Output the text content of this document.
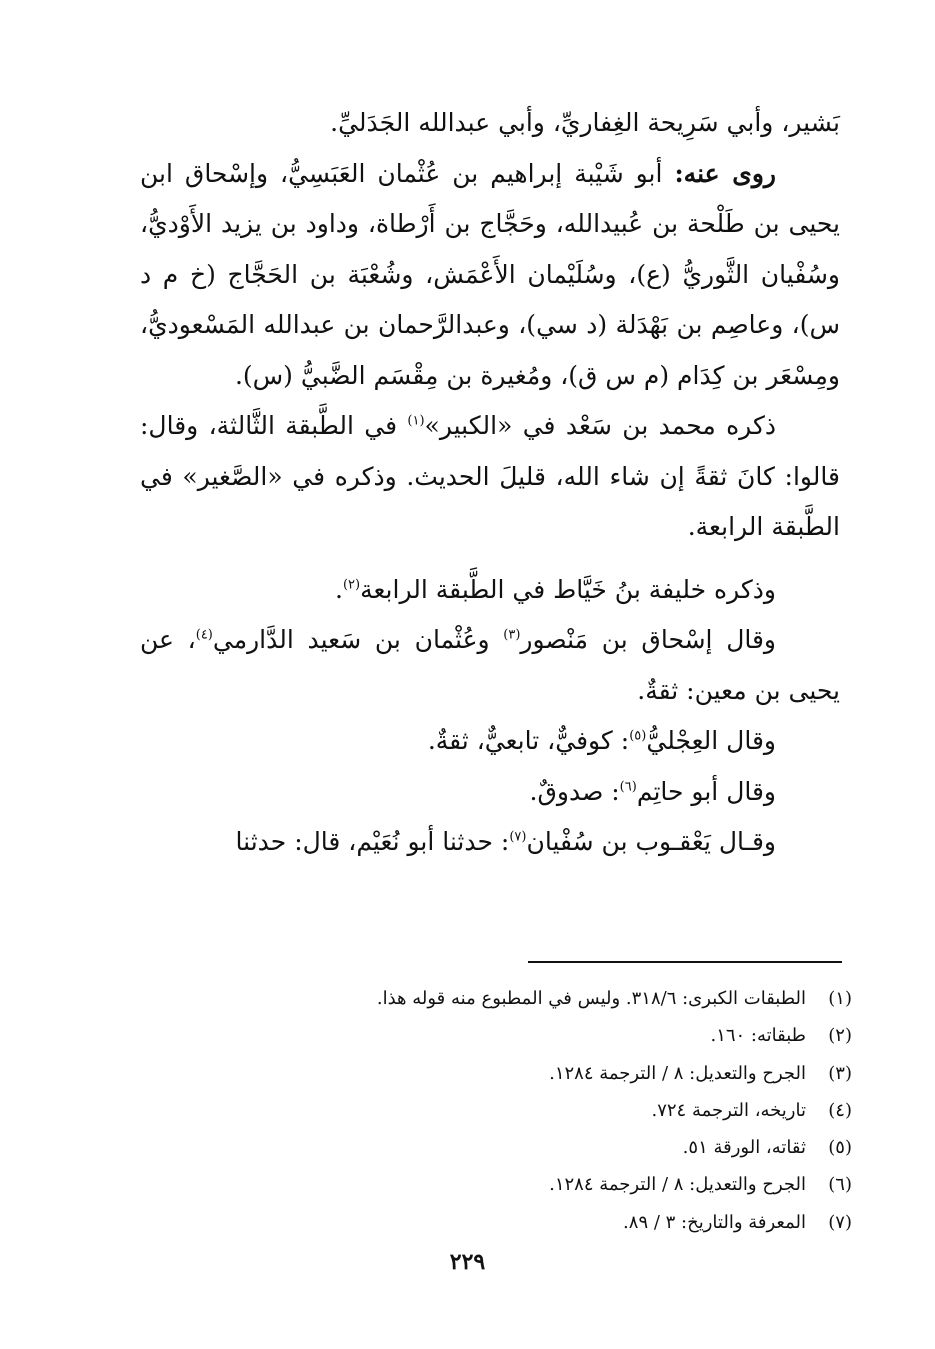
بَشير، وأبي سَرِيحة الغِفاريِّ، وأبي عبدالله الجَدَليِّ.

روى عنه: أبو شَيْبة إبراهيم بن عُثْمان العَبَسِيُّ، وإسْحاق ابن يحيى بن طَلْحة بن عُبيدالله، وحَجَّاج بن أَرْطاة، وداود بن يزيد الأَوْديُّ، وسُفْيان الثَّوريُّ (ع)، وسُلَيْمان الأَعْمَش، وشُعْبَة بن الحَجَّاج (خ م د س)، وعاصِم بن بَهْدَلة (د سي)، وعبدالرَّحمان بن عبدالله المَسْعوديُّ، ومِسْعَر بن كِدَام (م س ق)، ومُغيرة بن مِقْسَم الضَّبيُّ (س).

ذكره محمد بن سَعْد في «الكبير»$^{(١)}$ في الطَّبقة الثَّالثة، وقال: قالوا: كانَ ثقةً إن شاء الله، قليلَ الحديث. وذكره في «الصَّغير» في الطَّبقة الرابعة.

وذكره خليفة بنُ خَيَّاط في الطَّبقة الرابعة$^{(٢)}$.

وقال إسْحاق بن مَنْصور$^{(٣)}$ وعُثْمان بن سَعيد الدَّارمي$^{(٤)}$، عن يحيى بن معين: ثقةٌ.

وقال العِجْليُّ$^{(٥)}$: كوفيٌّ، تابعيٌّ، ثقةٌ.

وقال أبو حاتِم$^{(٦)}$: صدوقٌ.

وقـال يَعْقـوب بن سُفْيان$^{(٧)}$: حدثنا أبو نُعَيْم، قال: حدثنا

(١)الطبقات الكبرى: ٣١٨/٦. وليس في المطبوع منه قوله هذا.
(٢)طبقاته: ١٦٠.
(٣)الجرح والتعديل: ٨ / الترجمة ١٢٨٤.
(٤)تاريخه، الترجمة ٧٢٤.
(٥)ثقاته، الورقة ٥١.
(٦)الجرح والتعديل: ٨ / الترجمة ١٢٨٤.
(٧)المعرفة والتاريخ: ٣ / ٨٩.
٢٢٩
